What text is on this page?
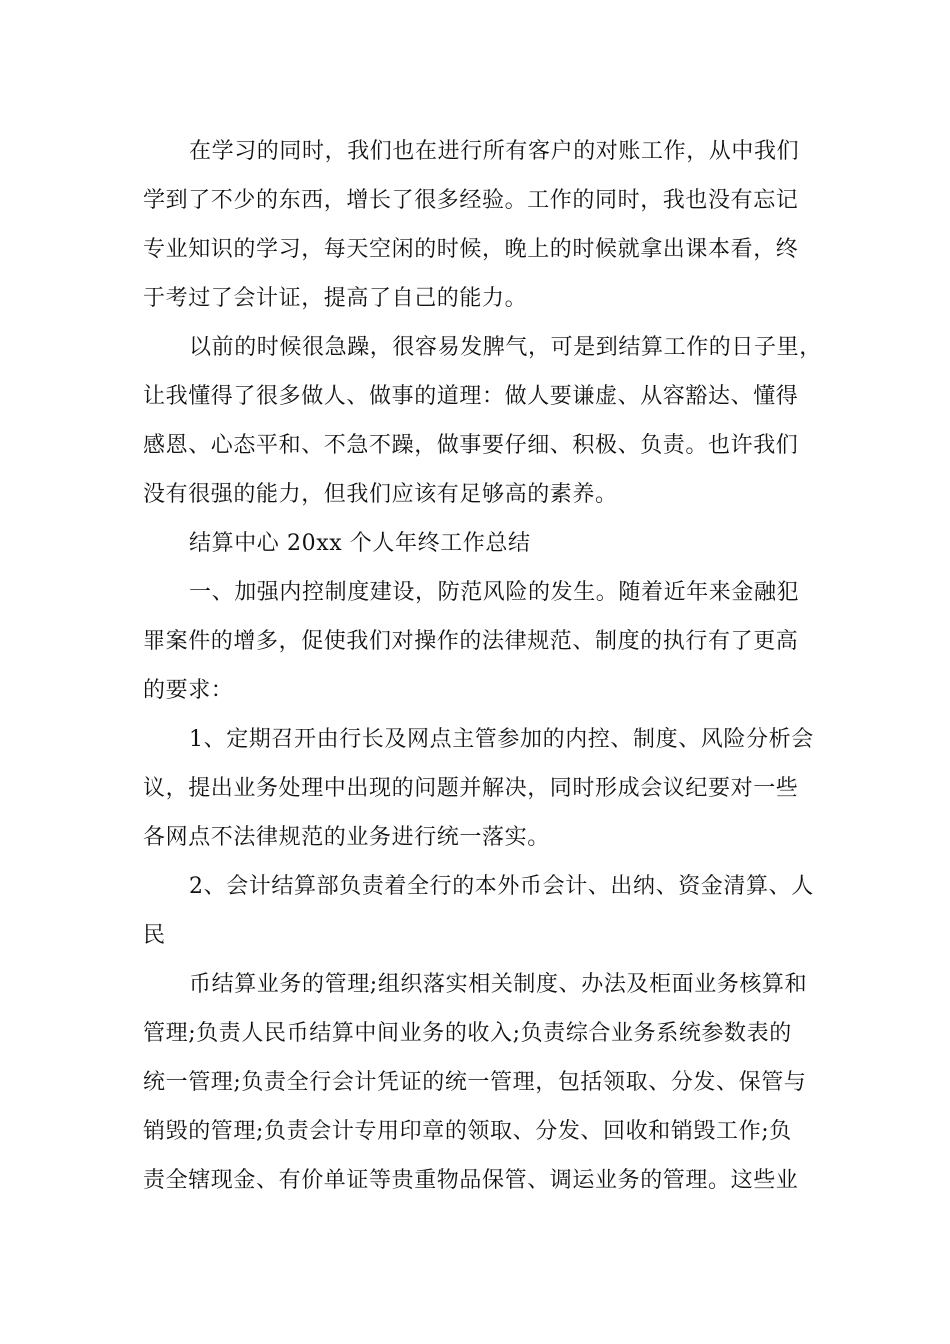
在学习的同时，我们也在进行所有客户的对账工作，从中我们
学到了不少的东西，增长了很多经验。工作的同时，我也没有忘记
专业知识的学习，每天空闲的时候，晚上的时候就拿出课本看，终
于考过了会计证，提高了自己的能力。
以前的时候很急躁，很容易发脾气，可是到结算工作的日子里，
让我懂得了很多做人、做事的道理：做人要谦虚、从容豁达、懂得
感恩、心态平和、不急不躁，做事要仔细、积极、负责。也许我们
没有很强的能力，但我们应该有足够高的素养。
结算中心 20xx 个人年终工作总结
一、加强内控制度建设，防范风险的发生。随着近年来金融犯
罪案件的增多，促使我们对操作的法律规范、制度的执行有了更高
的要求：
1、定期召开由行长及网点主管参加的内控、制度、风险分析会
议，提出业务处理中出现的问题并解决，同时形成会议纪要对一些
各网点不法律规范的业务进行统一落实。
2、会计结算部负责着全行的本外币会计、出纳、资金清算、人
民
币结算业务的管理;组织落实相关制度、办法及柜面业务核算和
管理;负责人民币结算中间业务的收入;负责综合业务系统参数表的
统一管理;负责全行会计凭证的统一管理，包括领取、分发、保管与
销毁的管理;负责会计专用印章的领取、分发、回收和销毁工作;负
责全辖现金、有价单证等贵重物品保管、调运业务的管理。这些业
